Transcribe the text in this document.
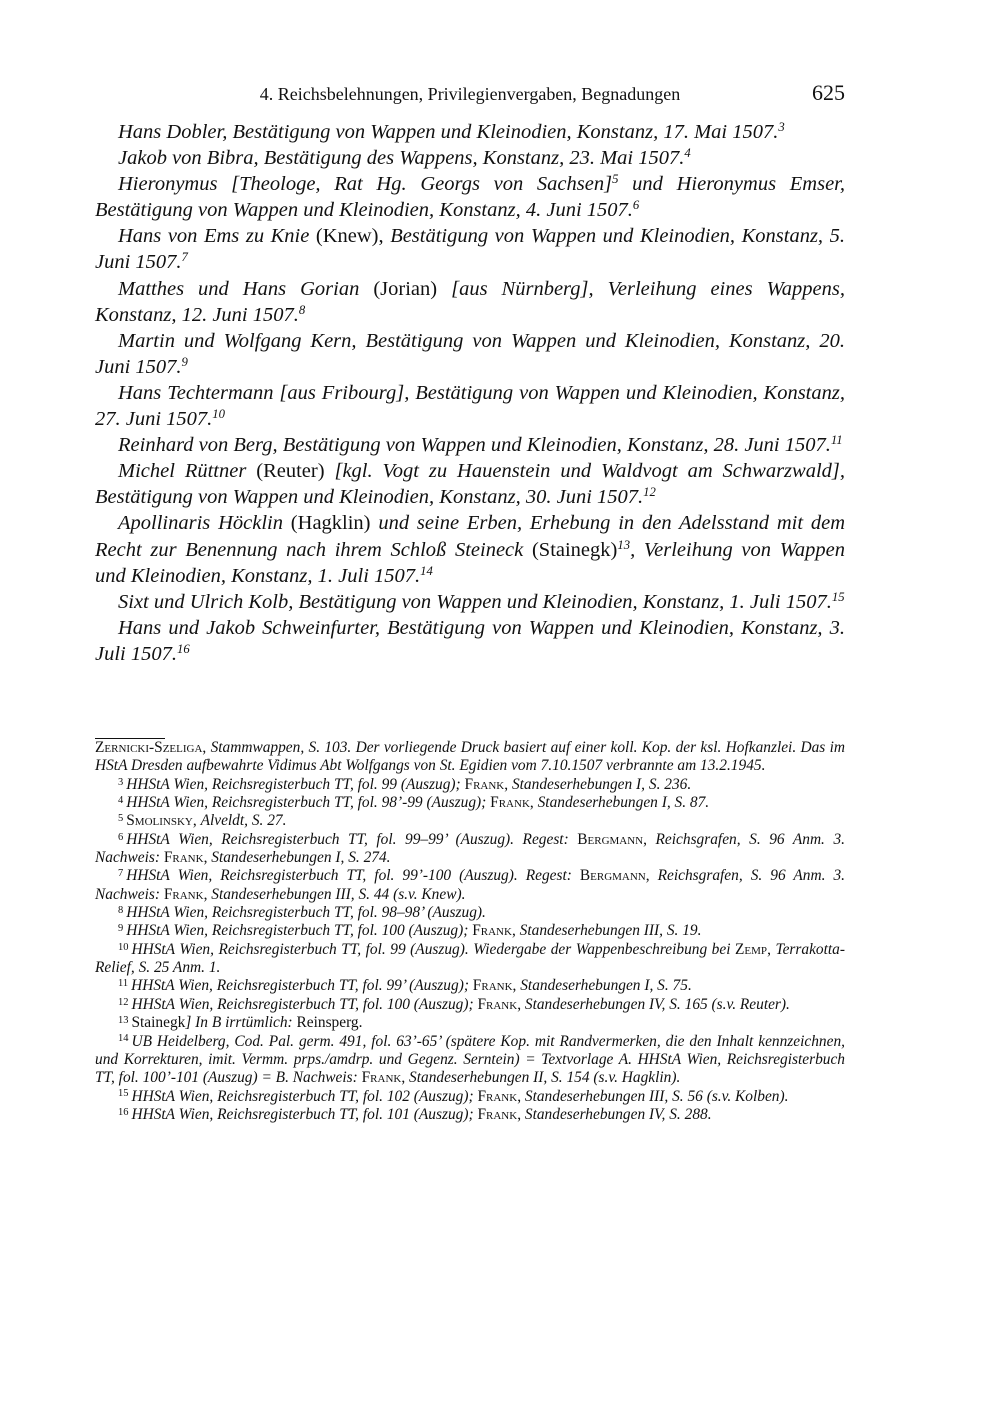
4. Reichsbelehnungen, Privilegienvergaben, Begnadungen	625

Hans Dobler, Bestätigung von Wappen und Kleinodien, Konstanz, 17. Mai 1507.$^3$

Jakob von Bibra, Bestätigung des Wappens, Konstanz, 23. Mai 1507.$^4$

Hieronymus [Theologe, Rat Hg. Georgs von Sachsen]$^5$ und Hieronymus Emser, Bestätigung von Wappen und Kleinodien, Konstanz, 4. Juni 1507.$^6$

Hans von Ems zu Knie (Knew), Bestätigung von Wappen und Kleinodien, Konstanz, 5. Juni 1507.$^7$

Matthes und Hans Gorian (Jorian) [aus Nürnberg], Verleihung eines Wappens, Konstanz, 12. Juni 1507.$^8$

Martin und Wolfgang Kern, Bestätigung von Wappen und Kleinodien, Konstanz, 20. Juni 1507.$^9$

Hans Techtermann [aus Fribourg], Bestätigung von Wappen und Kleinodien, Konstanz, 27. Juni 1507.10

Reinhard von Berg, Bestätigung von Wappen und Kleinodien, Konstanz, 28. Juni 1507.11

Michel Rüttner (Reuter) [kgl. Vogt zu Hauenstein und Waldvogt am Schwarzwald], Bestätigung von Wappen und Kleinodien, Konstanz, 30. Juni 1507.12

Apollinaris Höcklin (Hagklin) und seine Erben, Erhebung in den Adelsstand mit dem Recht zur Benennung nach ihrem Schloß Steineck (Stainegk)$^{13}$, Verleihung von Wappen und Kleinodien, Konstanz, 1. Juli 1507.14

Sixt und Ulrich Kolb, Bestätigung von Wappen und Kleinodien, Konstanz, 1. Juli 1507.15

Hans und Jakob Schweinfurter, Bestätigung von Wappen und Kleinodien, Konstanz, 3. Juli 1507.16

Zernicki-Szeliga, Stammwappen, S. 103. Der vorliegende Druck basiert auf einer koll. Kop. der ksl. Hofkanzlei. Das im HStA Dresden aufbewahrte Vidimus Abt Wolfgangs von St. Egidien vom 7.10.1507 verbrannte am 13.2.1945.

$^3$ HHStA Wien, Reichsregisterbuch TT, fol. 99 (Auszug); Frank, Standeserhebungen I, S. 236.

$^4$ HHStA Wien, Reichsregisterbuch TT, fol. 98’-99 (Auszug); Frank, Standeserhebungen I, S. 87.

$^5$ Smolinsky, Alveldt, S. 27.

$^6$ HHStA Wien, Reichsregisterbuch TT, fol. 99–99’ (Auszug). Regest: Bergmann, Reichsgrafen, S. 96 Anm. 3. Nachweis: Frank, Standeserhebungen I, S. 274.

$^7$ HHStA Wien, Reichsregisterbuch TT, fol. 99’-100 (Auszug). Regest: Bergmann, Reichsgrafen, S. 96 Anm. 3. Nachweis: Frank, Standeserhebungen III, S. 44 (s.v. Knew).

$^8$ HHStA Wien, Reichsregisterbuch TT, fol. 98–98’ (Auszug).

$^9$ HHStA Wien, Reichsregisterbuch TT, fol. 100 (Auszug); Frank, Standeserhebungen III, S. 19.

$^{10}$ HHStA Wien, Reichsregisterbuch TT, fol. 99 (Auszug). Wiedergabe der Wappenbeschreibung bei Zemp, Terrakotta-Relief, S. 25 Anm. 1.

$^{11}$ HHStA Wien, Reichsregisterbuch TT, fol. 99’ (Auszug); Frank, Standeserhebungen I, S. 75.

$^{12}$ HHStA Wien, Reichsregisterbuch TT, fol. 100 (Auszug); Frank, Standeserhebungen IV, S. 165 (s.v. Reuter).

$^{13}$ Stainegk] In B irrtümlich: Reinsperg.

$^{14}$ UB Heidelberg, Cod. Pal. germ. 491, fol. 63’-65’ (spätere Kop. mit Randvermerken, die den Inhalt kennzeichnen, und Korrekturen, imit. Vermm. prps./amdrp. und Gegenz. Serntein) = Textvorlage A. HHStA Wien, Reichsregisterbuch TT, fol. 100’-101 (Auszug) = B. Nachweis: Frank, Standeserhebungen II, S. 154 (s.v. Hagklin).

$^{15}$ HHStA Wien, Reichsregisterbuch TT, fol. 102 (Auszug); Frank, Standeserhebungen III, S. 56 (s.v. Kolben).

$^{16}$ HHStA Wien, Reichsregisterbuch TT, fol. 101 (Auszug); Frank, Standeserhebungen IV, S. 288.
